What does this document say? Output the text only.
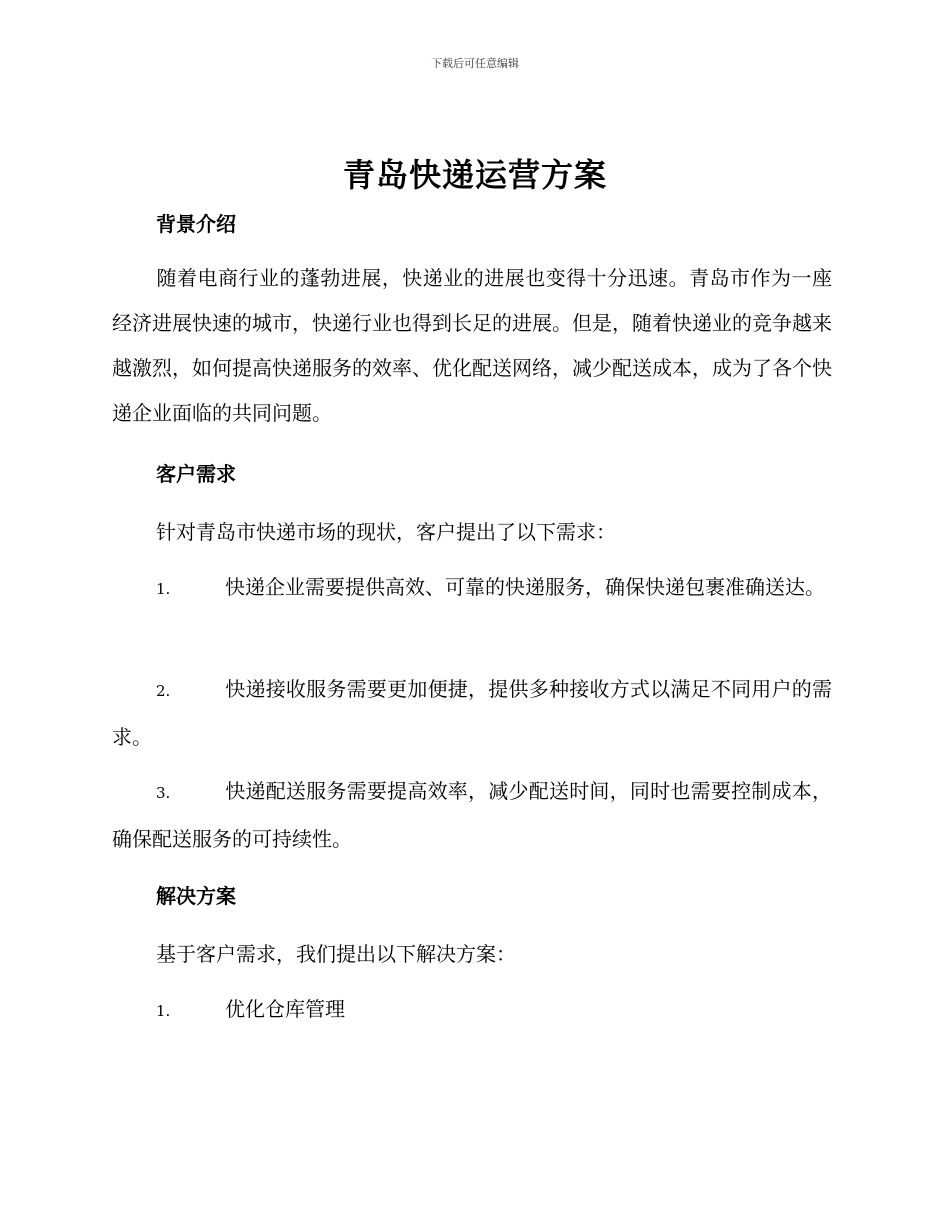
下载后可任意编辑
青岛快递运营方案
背景介绍
随着电商行业的蓬勃进展，快递业的进展也变得十分迅速。青岛市作为一座经济进展快速的城市，快递行业也得到长足的进展。但是，随着快递业的竞争越来越激烈，如何提高快递服务的效率、优化配送网络，减少配送成本，成为了各个快递企业面临的共同问题。
客户需求
针对青岛市快递市场的现状，客户提出了以下需求：
1.	快递企业需要提供高效、可靠的快递服务，确保快递包裹准确送达。
2.	快递接收服务需要更加便捷，提供多种接收方式以满足不同用户的需求。
3.	快递配送服务需要提高效率，减少配送时间，同时也需要控制成本，确保配送服务的可持续性。
解决方案
基于客户需求，我们提出以下解决方案：
1.	优化仓库管理
